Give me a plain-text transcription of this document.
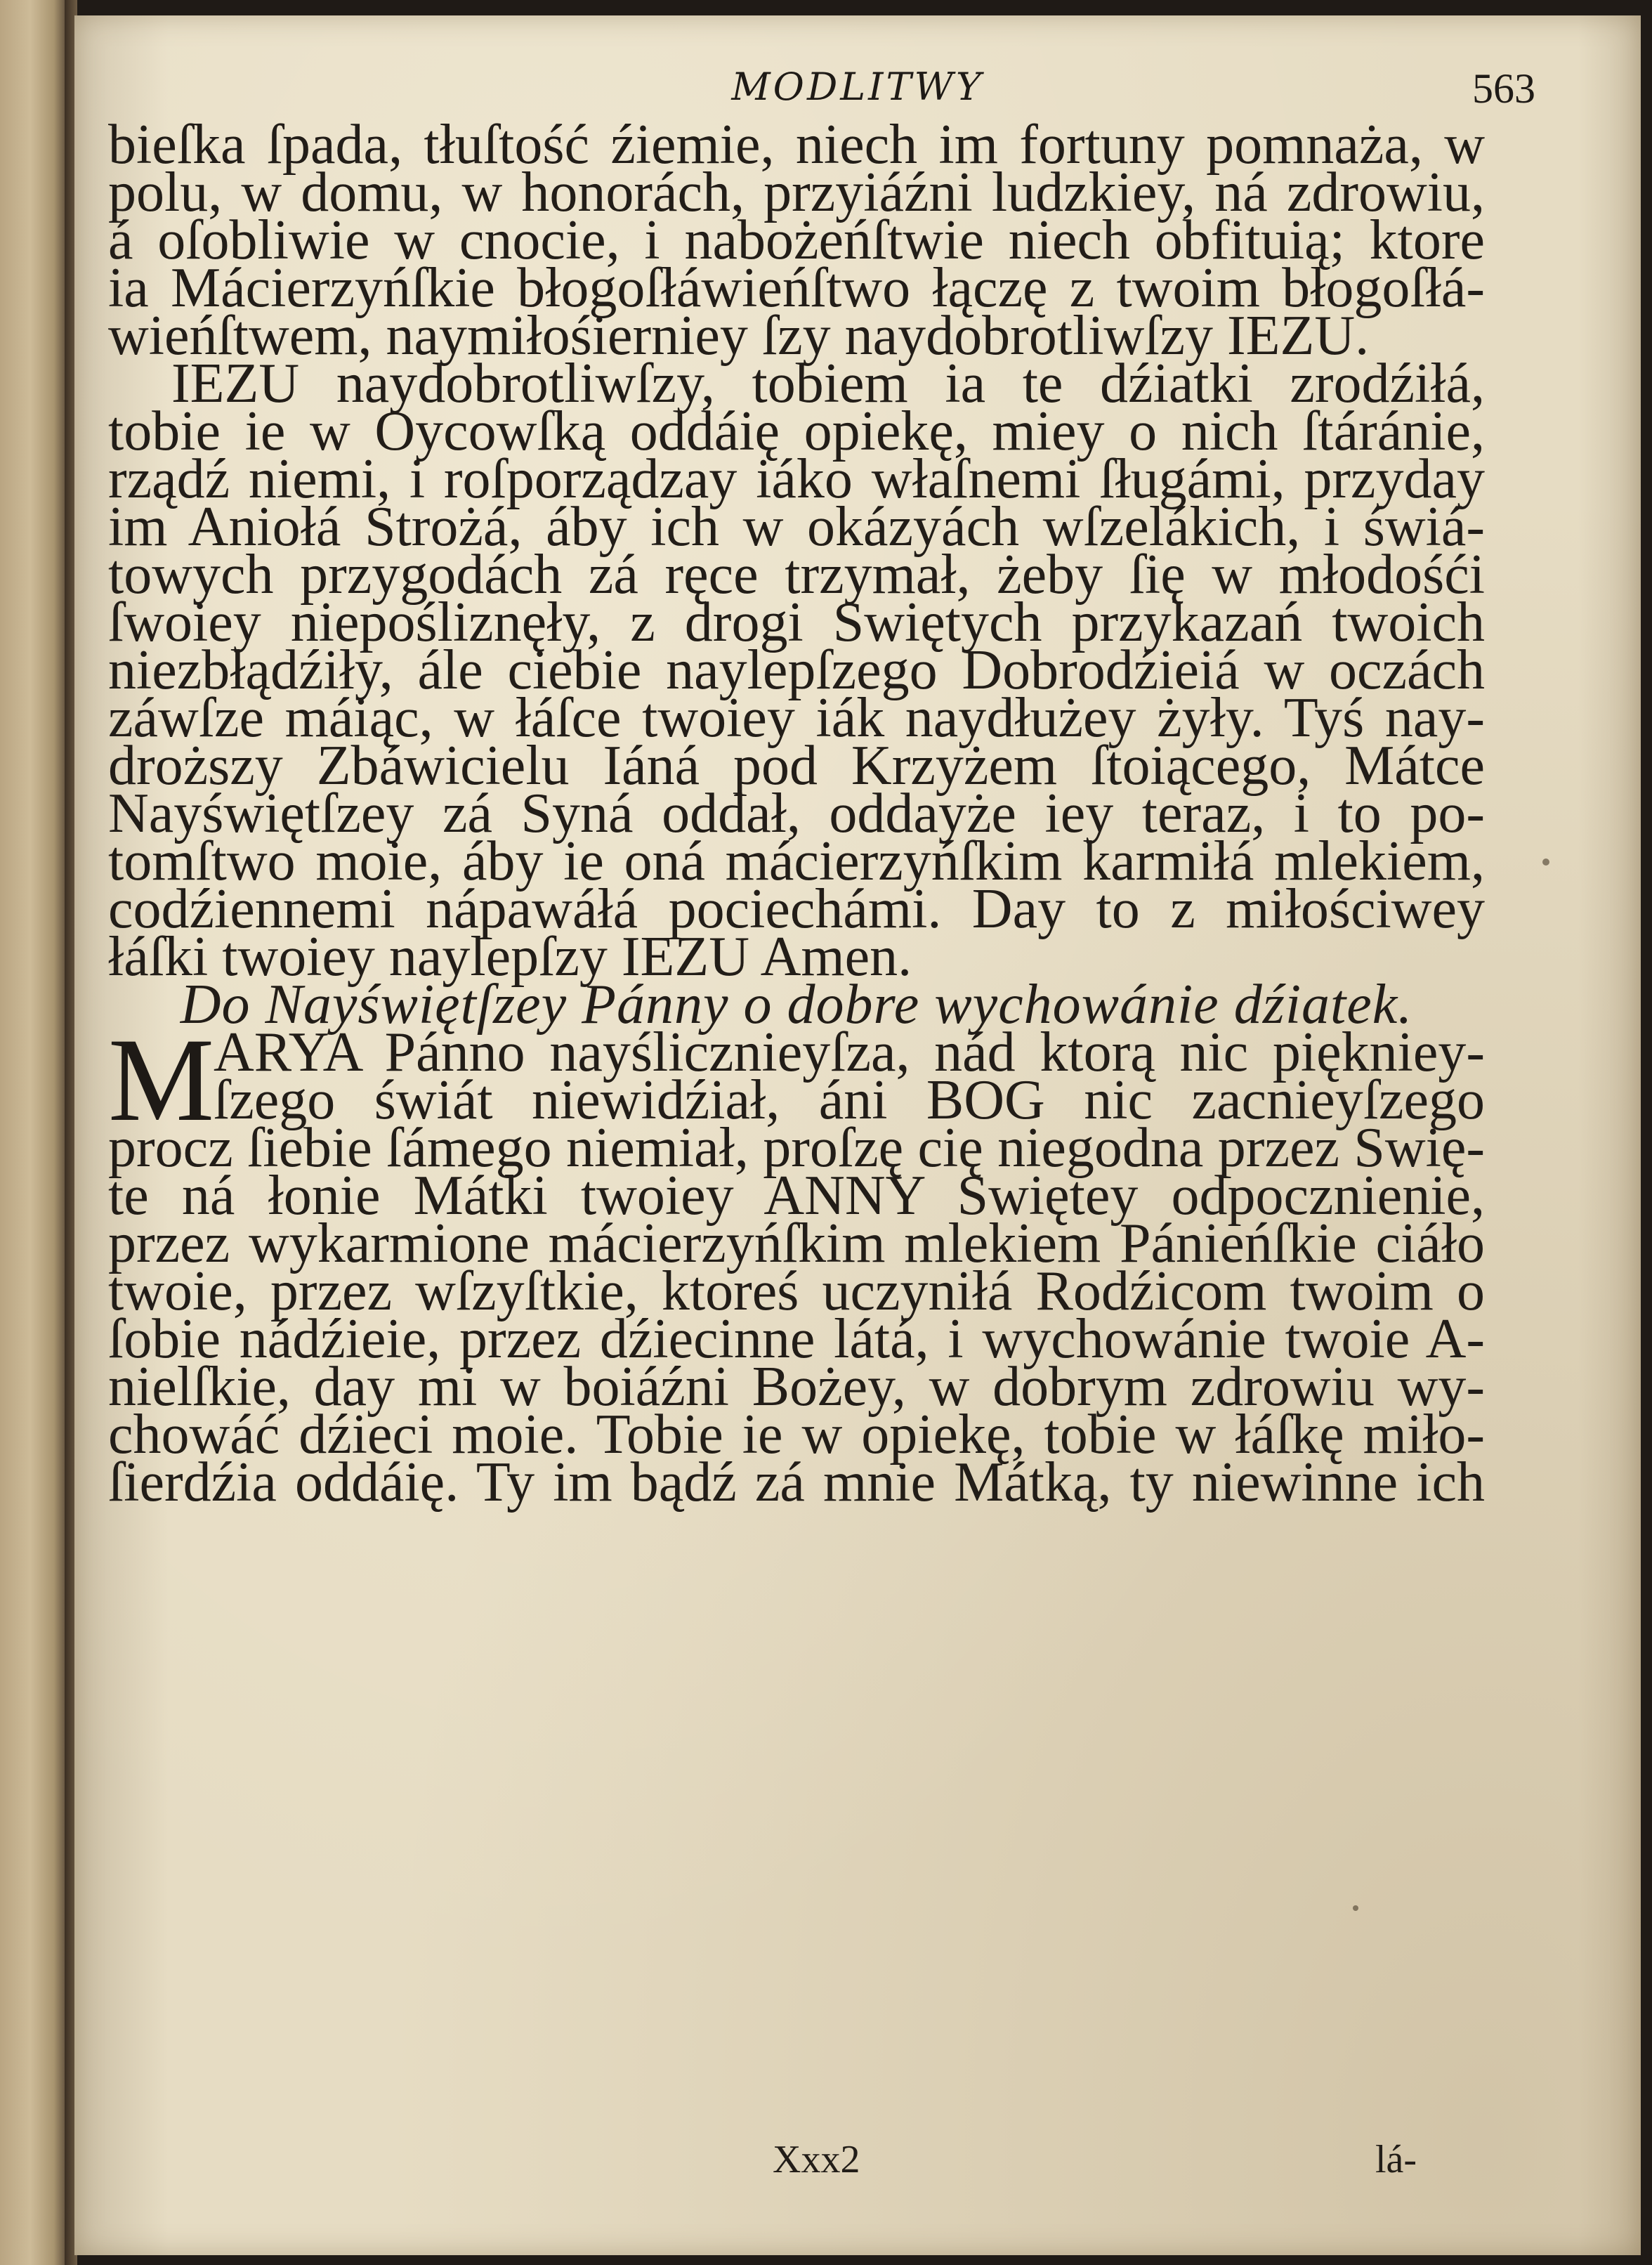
MODLITWY	563
bieſka ſpada, tłuſtość źiemie, niech im fortuny pomnaża, w
polu, w domu, w honorách, przyiáźni ludzkiey, ná zdrowiu,
á oſobliwie w cnocie, i nabożeńſtwie niech obfituią; ktore
ia Mácierzyńſkie błogoſłáwieńſtwo łączę z twoim błogoſłá-
wieńſtwem, naymiłośierniey ſzy naydobrotliwſzy IEZU.
IEZU naydobrotliwſzy, tobiem ia te dźiatki zrodźiłá,
tobie ie w Oycowſką oddáię opiekę, miey o nich ſtáránie,
rządź niemi, i roſporządzay iáko właſnemi ſługámi, przyday
im Aniołá Strożá, áby ich w okázyách wſzelákich, i świá-
towych przygodách zá ręce trzymał, żeby ſię w młodośći
ſwoiey niepośliznęły, z drogi Swiętych przykazań twoich
niezbłądźiły, ále ciebie naylepſzego Dobrodźieiá w oczách
záwſze máiąc, w łáſce twoiey iák naydłużey żyły. Tyś nay-
droższy Zbáwicielu Iáná pod Krzyżem ſtoiącego, Mátce
Nayświętſzey zá Syná oddał, oddayże iey teraz, i to po-
tomſtwo moie, áby ie oná mácierzyńſkim karmiłá mlekiem,
codźiennemi nápawáłá pociechámi. Day to z miłościwey
łáſki twoiey naylepſzy IEZU Amen.
Do Nayświętſzey Pánny o dobre wychowánie dźiatek.
M
ARYA Pánno nayślicznieyſza, nád ktorą nic piękniey-
ſzego świát niewidźiał, áni BOG nic zacnieyſzego
procz ſiebie ſámego niemiał, proſzę cię niegodna przez Swię-
te ná łonie Mátki twoiey ANNY Swiętey odpocznienie,
przez wykarmione mácierzyńſkim mlekiem Pánieńſkie ciáło
twoie, przez wſzyſtkie, ktoreś uczyniłá Rodźicom twoim o
ſobie nádźieie, przez dźiecinne látá, i wychowánie twoie A-
nielſkie, day mi w boiáźni Bożey, w dobrym zdrowiu wy-
chowáć dźieci moie. Tobie ie w opiekę, tobie w łáſkę miło-
ſierdźia oddáię. Ty im bądź zá mnie Mátką, ty niewinne ich
Xxx2	lá-
